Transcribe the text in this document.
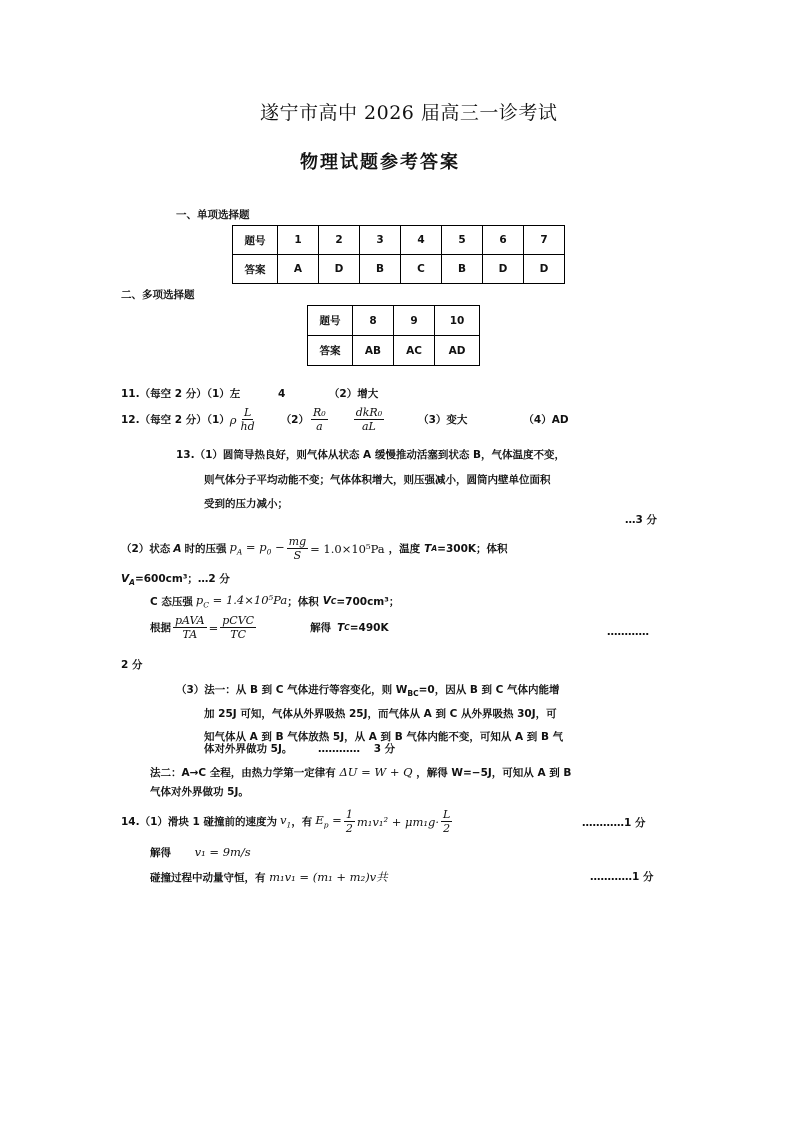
遂宁市高中 2026 届高三一诊考试
物理试题参考答案
一、单项选择题
题号	1	2	3	4	5	6	7
答案	A	D	B	C	B	D	D
二、多项选择题
题号	8	9	10
答案	AB	AC	AD
11.（每空 2 分）（1）左	4	（2）增大
12.（每空 2 分）（1） ρ $\frac{L}{hd} (2) \frac{\text{R₀}}{a} \frac{\text{dkR₀}}{aL}$	（3）变大	（4）AD
13.（1）圆筒导热良好，则气体从状态 A 缓慢推动活塞到状态 B，气体温度不变，
则气体分子平均动能不变；气体体积增大，则压强减小，圆筒内壁单位面积
受到的压力减小；
…3 分
（2）状态 A 时的压强 $p_A = p_0 - \frac{mg}{S} = 1.0\times 10^5Pa$ ，温度 T A =300K；体积
$V_A=600cm^3$；…2 分
C 态压强 $p_C = 1.4\times 10^5Pa$ ；体积 V C =700cm³；
根据 $\frac{\text{pAVA}}{TA} = \frac{\text{pCVC}}{TC}$	解得 T C =490K	…………
2 分
（3）法一：从 B 到 C 气体进行等容变化，则 $W_{BC}=0$，因从 B 到 C 气体内能增
加 25J 可知，气体从外界吸热 25J，而气体从 A 到 C 从外界吸热 30J，可
知气体从 A 到 B 气体放热 5J，从 A 到 B 气体内能不变，可知从 A 到 B 气
体对外界做功 5J。 ………… 3 分
法二：A→C 全程，由热力学第一定律有 ΔU = W + Q ，解得 W=−5J，可知从 A 到 B
气体对外界做功 5J。
14.（1）滑块 1 碰撞前的速度为 $v_1$ ，有 $E_p = \frac{1}{2} m_1v_1^2 + \mu m_1g\cdot \frac{L}{2}$	…………1 分
解得 v₁ = 9m/s
碰撞过程中动量守恒，有 m₁v₁ = (m₁ + m₂)v共	…………1 分
